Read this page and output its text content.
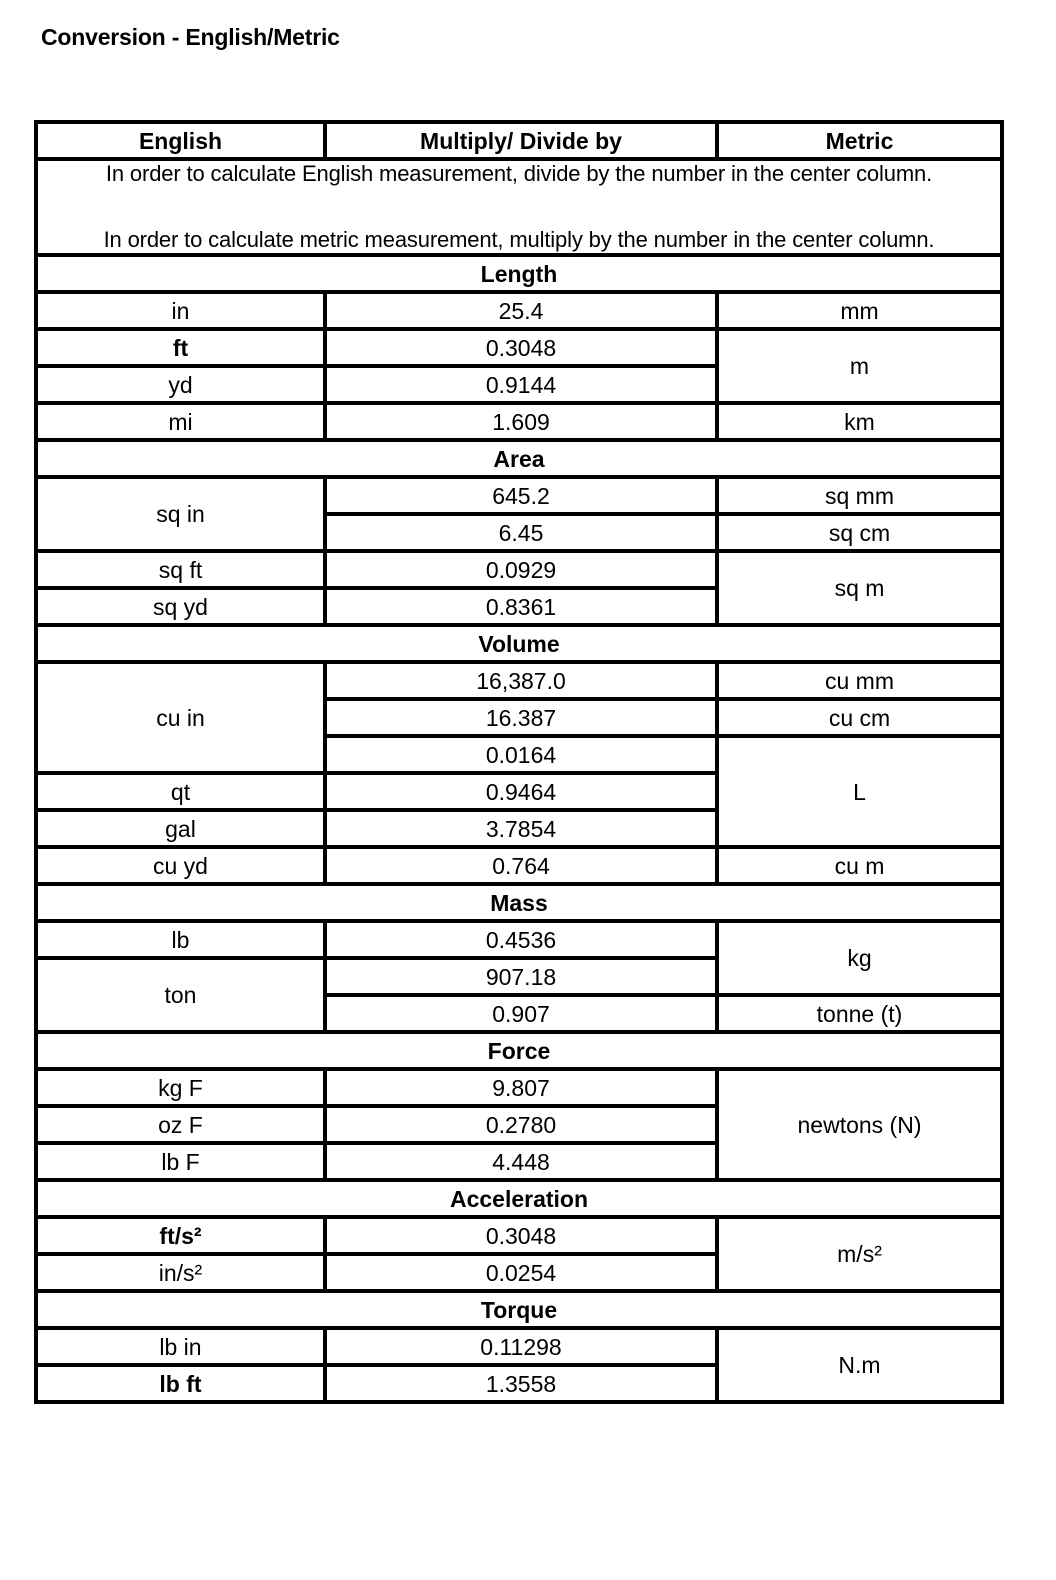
Conversion - English/Metric
English	Multiply/ Divide by	Metric

In order to calculate English measurement, divide by the number in the center column.
In order to calculate metric measurement, multiply by the number in the center column.		

Length		
in	25.4	mm
ft	0.3048	m
yd	0.9144	
mi	1.609	km
Area		
sq in	645.2	sq mm
	6.45	sq cm
sq ft	0.0929	sq m
sq yd	0.8361	
Volume		
cu in	16,387.0	cu mm
	16.387	cu cm
	0.0164	L
qt	0.9464	
gal	3.7854	
cu yd	0.764	cu m
Mass		
lb	0.4536	kg
ton	907.18	
	0.907	tonne (t)
Force		
kg F	9.807	newtons (N)
oz F	0.2780	
lb F	4.448	
Acceleration		
ft/s²	0.3048	m/s²
in/s²	0.0254	
Torque		
lb in	0.11298	N.m
lb ft	1.3558	
